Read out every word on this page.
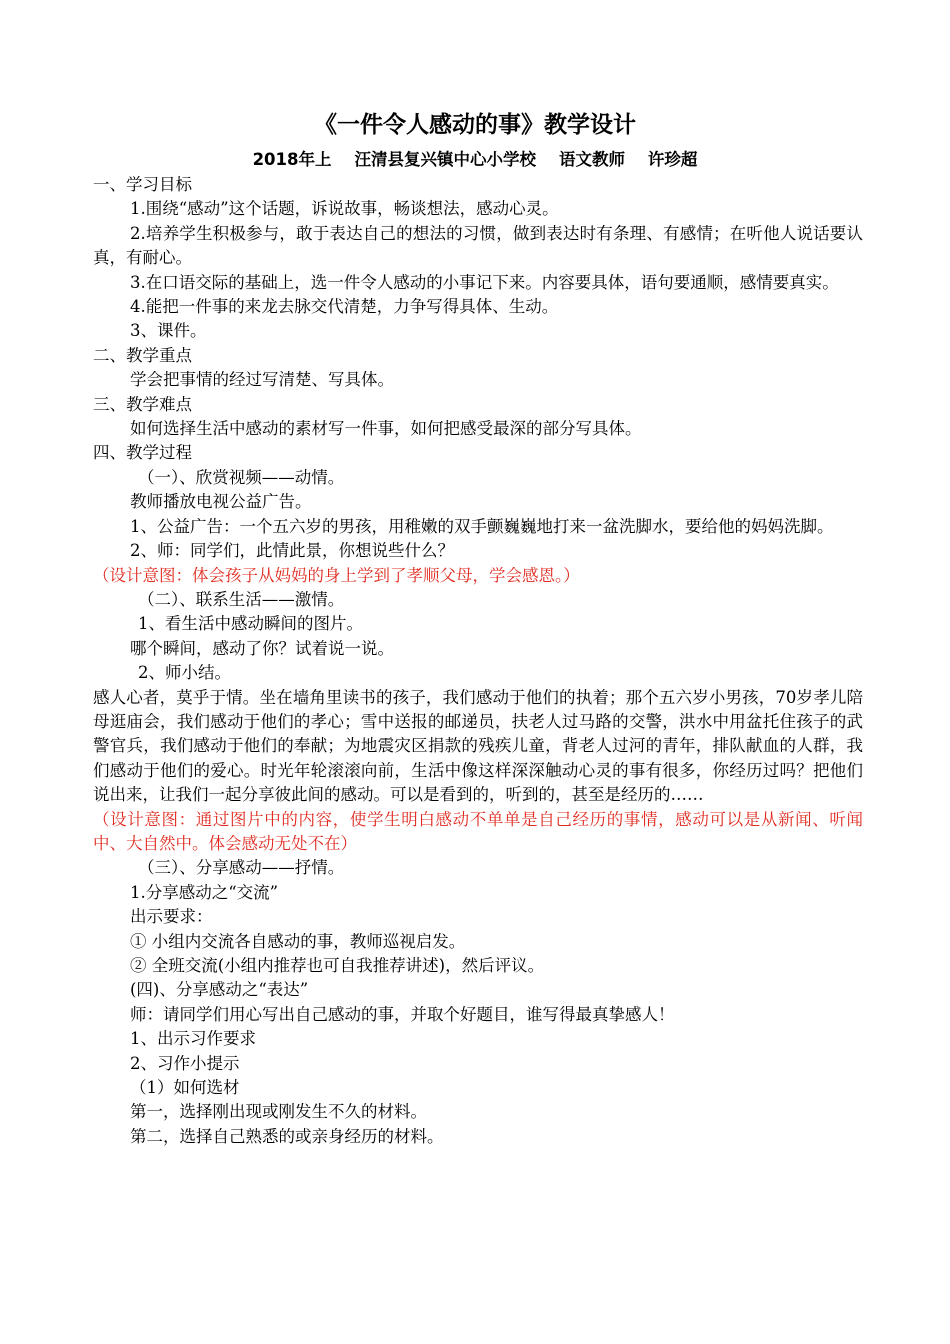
《一件令人感动的事》教学设计
2018年上    汪清县复兴镇中心小学校    语文教师    许珍超

一、学习目标

1.围绕“感动”这个话题，诉说故事，畅谈想法，感动心灵。

2.培养学生积极参与，敢于表达自己的想法的习惯，做到表达时有条理、有感情；在听他人说话要认真，有耐心。

3.在口语交际的基础上，选一件令人感动的小事记下来。内容要具体，语句要通顺，感情要真实。

4.能把一件事的来龙去脉交代清楚，力争写得具体、生动。

3、课件。

二、教学重点

学会把事情的经过写清楚、写具体。

三、教学难点

如何选择生活中感动的素材写一件事，如何把感受最深的部分写具体。

四、教学过程

（一）、欣赏视频——动情。

教师播放电视公益广告。

1、公益广告：一个五六岁的男孩，用稚嫩的双手颤巍巍地打来一盆洗脚水，要给他的妈妈洗脚。

2、师：同学们，此情此景，你想说些什么？

（设计意图：体会孩子从妈妈的身上学到了孝顺父母，学会感恩。）

（二）、联系生活——激情。

1、看生活中感动瞬间的图片。

哪个瞬间，感动了你？试着说一说。

2、师小结。

感人心者，莫乎于情。坐在墙角里读书的孩子，我们感动于他们的执着；那个五六岁小男孩，70岁孝儿陪母逛庙会，我们感动于他们的孝心；雪中送报的邮递员，扶老人过马路的交警，洪水中用盆托住孩子的武警官兵，我们感动于他们的奉献；为地震灾区捐款的残疾儿童，背老人过河的青年，排队献血的人群，我们感动于他们的爱心。时光年轮滚滚向前，生活中像这样深深触动心灵的事有很多，你经历过吗？把他们说出来，让我们一起分享彼此间的感动。可以是看到的，听到的，甚至是经历的……

（设计意图：通过图片中的内容，使学生明白感动不单单是自己经历的事情，感动可以是从新闻、听闻中、大自然中。体会感动无处不在）

（三）、分享感动——抒情。

1.分享感动之“交流”

出示要求：

① 小组内交流各自感动的事，教师巡视启发。

② 全班交流(小组内推荐也可自我推荐讲述)，然后评议。

(四)、分享感动之“表达”

师：请同学们用心写出自己感动的事，并取个好题目，谁写得最真挚感人！

1、出示习作要求

2、习作小提示

（1）如何选材

第一，选择刚出现或刚发生不久的材料。

第二，选择自己熟悉的或亲身经历的材料。
